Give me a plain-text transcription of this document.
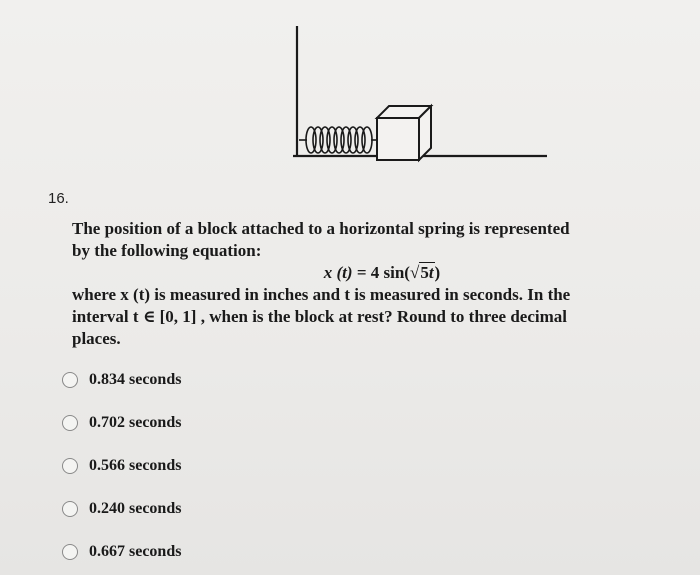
16.

The position of a block attached to a horizontal spring is represented

by the following equation:

x (t) = 4 sin(√5t)

where x (t) is measured in inches and t is measured in seconds. In the

interval t ∈ [0, 1] , when is the block at rest? Round to three decimal

places.

0.834 seconds
0.702 seconds
0.566 seconds
0.240 seconds
0.667 seconds
